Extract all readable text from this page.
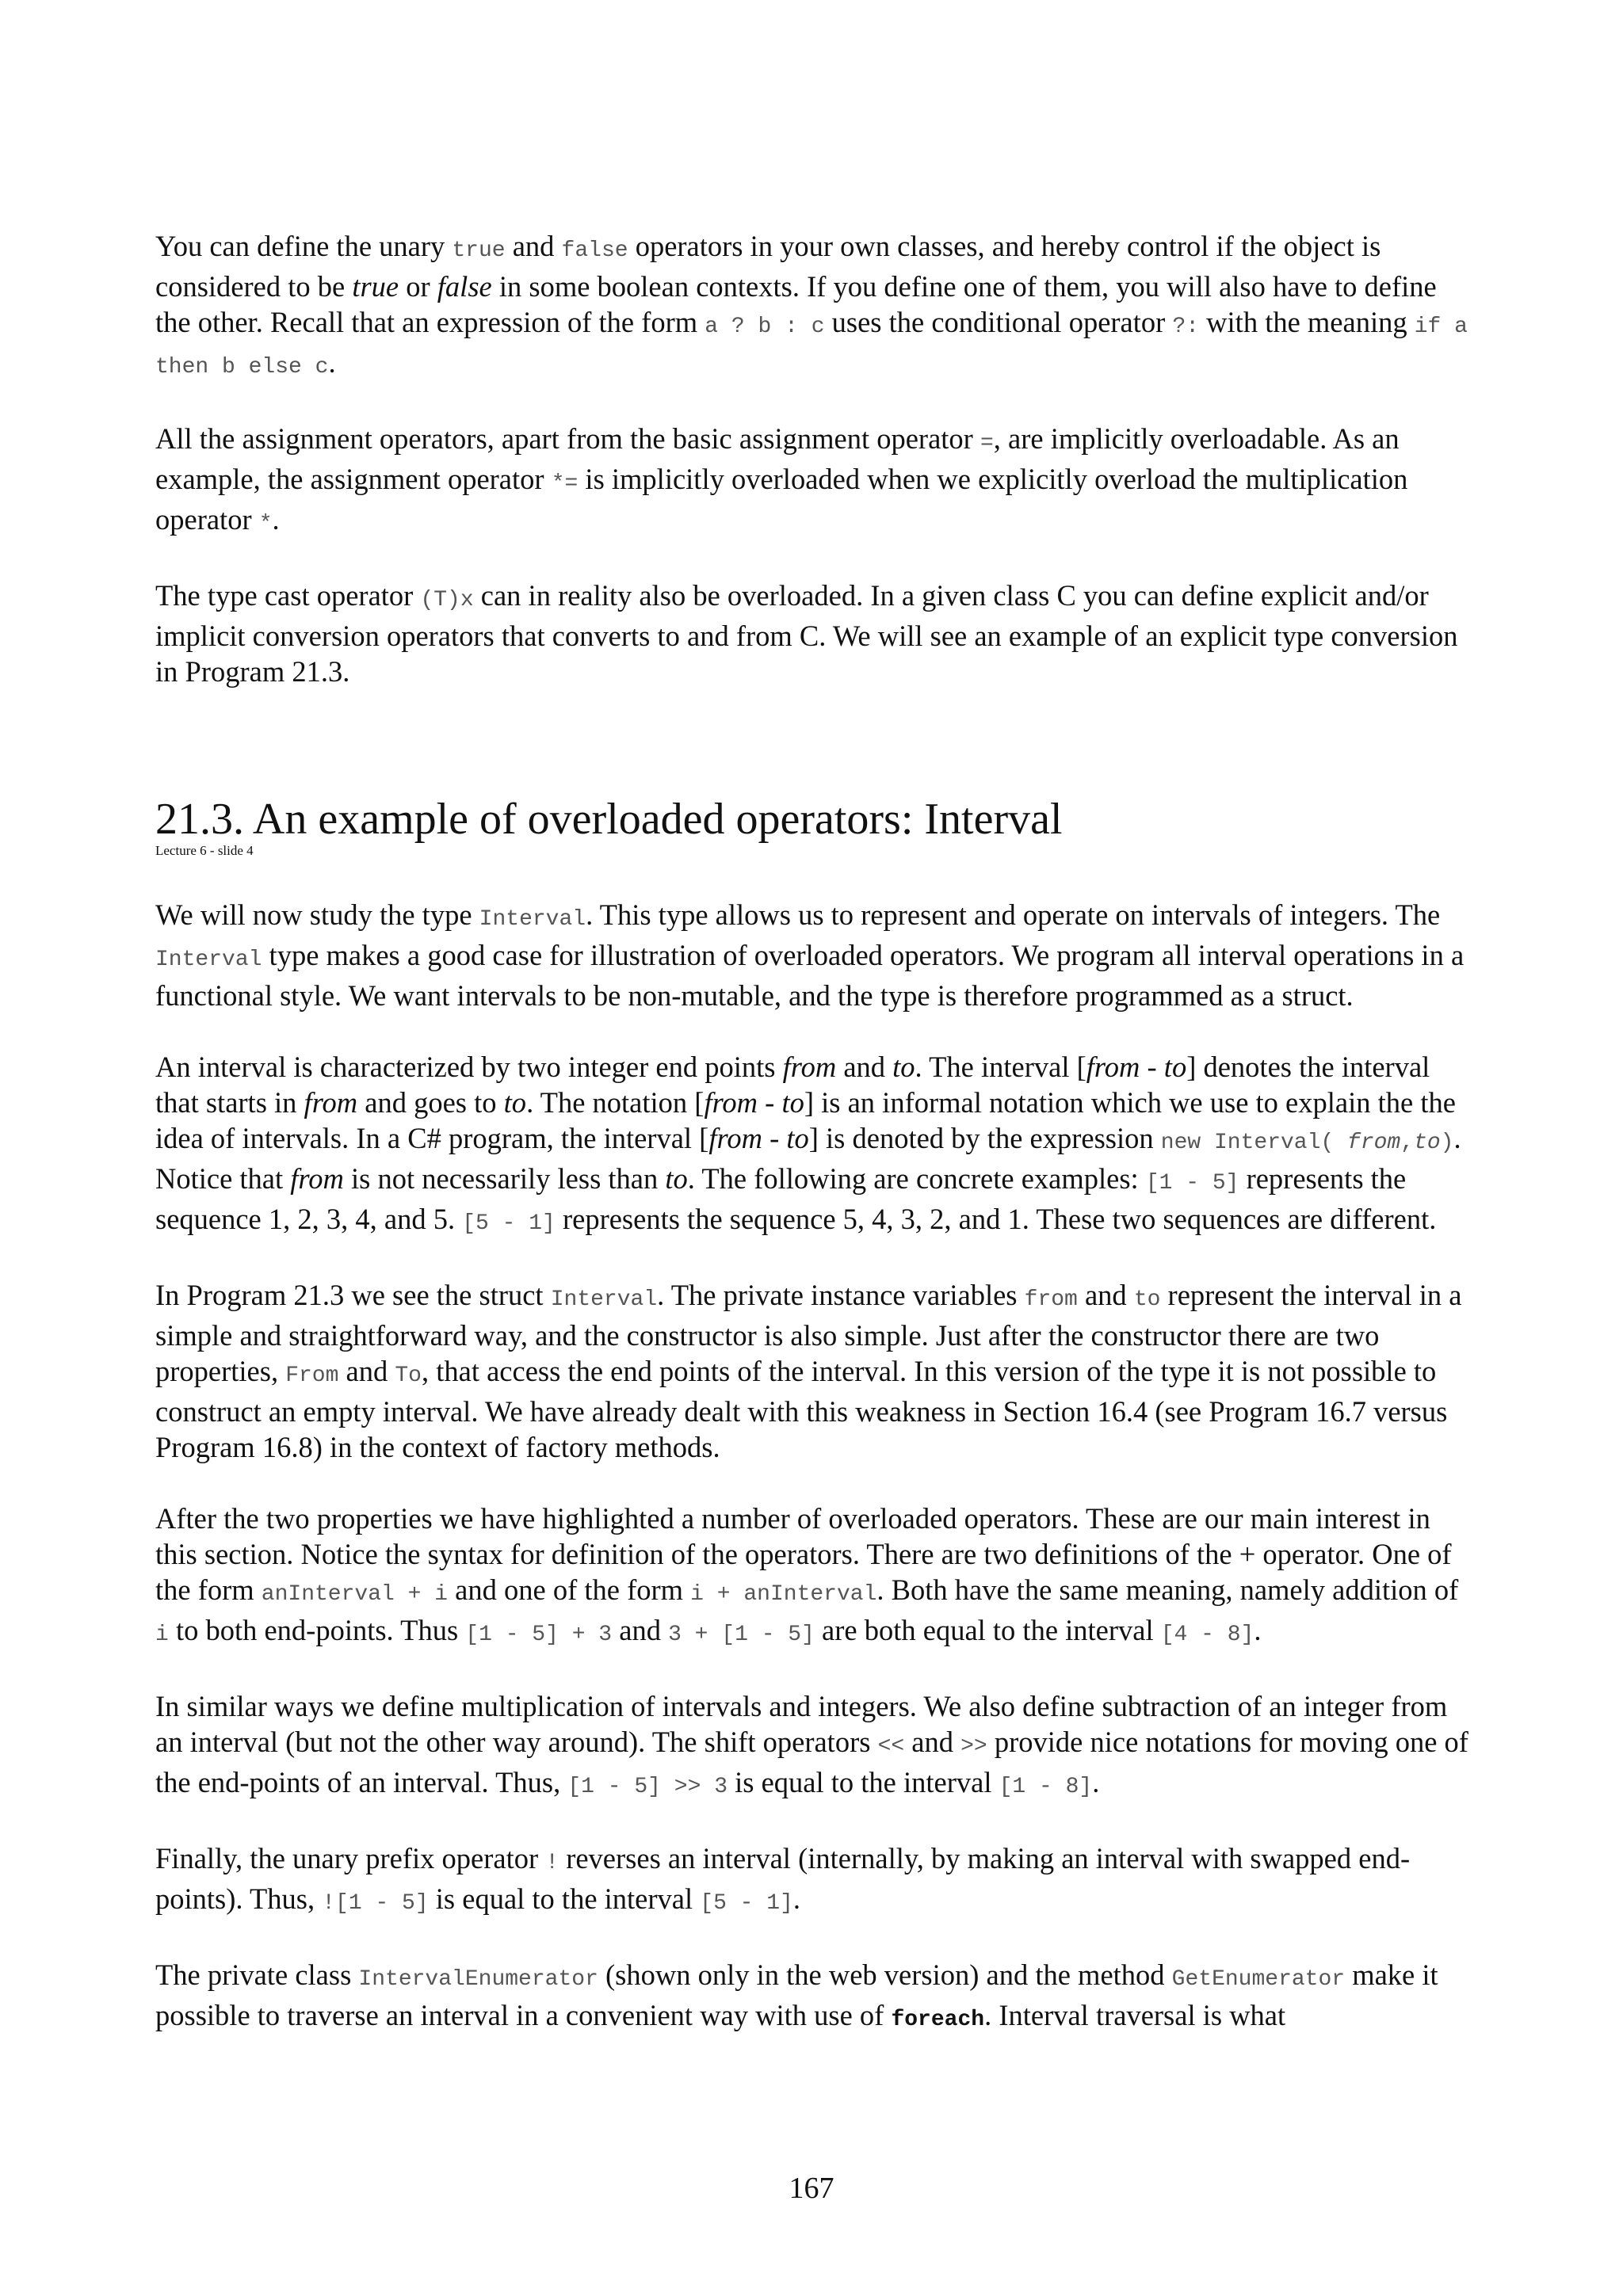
You can define the unary true and false operators in your own classes, and hereby control if the object is considered to be true or false in some boolean contexts. If you define one of them, you will also have to define the other. Recall that an expression of the form a ? b : c uses the conditional operator ?: with the meaning if a then b else c.

All the assignment operators, apart from the basic assignment operator =, are implicitly overloadable. As an example, the assignment operator *= is implicitly overloaded when we explicitly overload the multiplication operator *.

The type cast operator (T)x can in reality also be overloaded. In a given class C you can define explicit and/or implicit conversion operators that converts to and from C. We will see an example of an explicit type conversion in Program 21.3.

21.3. An example of overloaded operators: Interval
Lecture 6 - slide 4

We will now study the type Interval. This type allows us to represent and operate on intervals of integers. The Interval type makes a good case for illustration of overloaded operators. We program all interval operations in a functional style. We want intervals to be non-mutable, and the type is therefore programmed as a struct.

An interval is characterized by two integer end points from and to. The interval [from - to] denotes the interval that starts in from and goes to to. The notation [from - to] is an informal notation which we use to explain the the idea of intervals. In a C# program, the interval [from - to] is denoted by the expression new Interval( from,to). Notice that from is not necessarily less than to. The following are concrete examples: [1 - 5] represents the sequence 1, 2, 3, 4, and 5. [5 - 1] represents the sequence 5, 4, 3, 2, and 1. These two sequences are different.

In Program 21.3 we see the struct Interval. The private instance variables from and to represent the interval in a simple and straightforward way, and the constructor is also simple. Just after the constructor there are two properties, From and To, that access the end points of the interval. In this version of the type it is not possible to construct an empty interval. We have already dealt with this weakness in Section 16.4 (see Program 16.7 versus Program 16.8) in the context of factory methods.

After the two properties we have highlighted a number of overloaded operators. These are our main interest in this section. Notice the syntax for definition of the operators. There are two definitions of the + operator. One of the form anInterval + i and one of the form i + anInterval. Both have the same meaning, namely addition of i to both end-points. Thus [1 - 5] + 3 and 3 + [1 - 5] are both equal to the interval [4 - 8].

In similar ways we define multiplication of intervals and integers. We also define subtraction of an integer from an interval (but not the other way around). The shift operators << and >> provide nice notations for moving one of the end-points of an interval. Thus, [1 - 5] >> 3 is equal to the interval [1 - 8].

Finally, the unary prefix operator ! reverses an interval (internally, by making an interval with swapped end-points). Thus, ![1 - 5] is equal to the interval [5 - 1].

The private class IntervalEnumerator (shown only in the web version) and the method GetEnumerator make it possible to traverse an interval in a convenient way with use of foreach. Interval traversal is what

167
